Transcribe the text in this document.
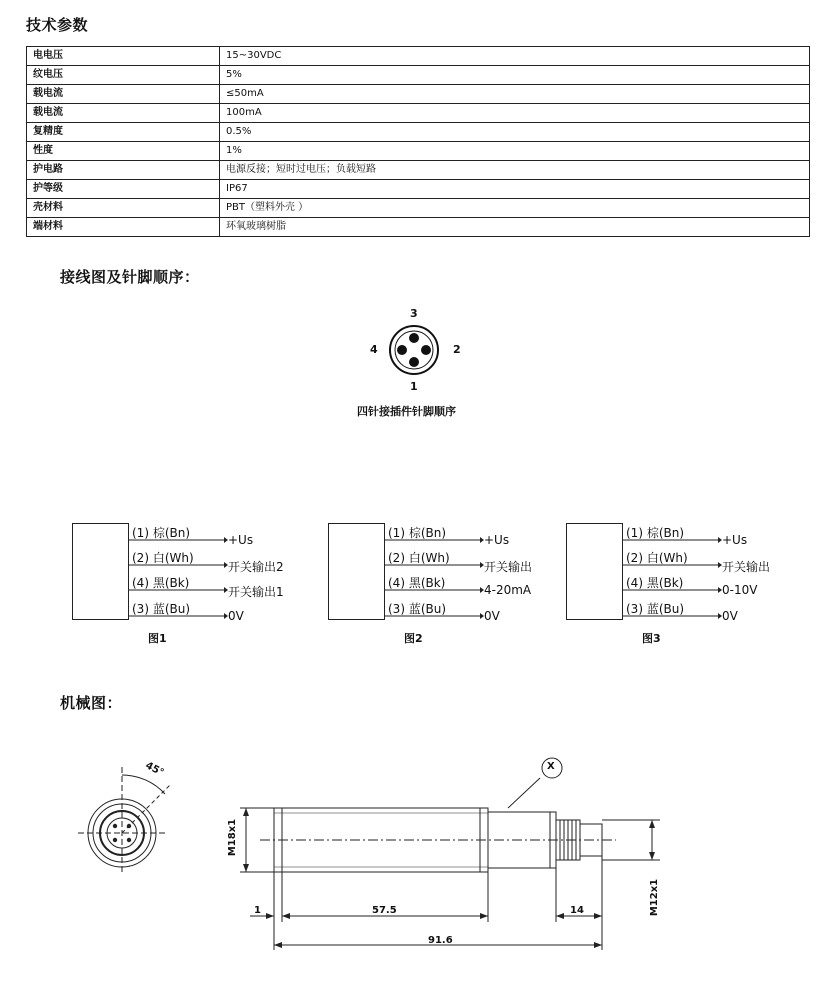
技术参数
电电压	15~30VDC
纹电压	5%
载电流	≤50mA
载电流	100mA
复精度	0.5%
性度	1%
护电路	电源反接；短时过电压；负载短路
护等级	IP67
壳材料	PBT（塑料外壳 ）
端材料	环氧玻璃树脂
接线图及针脚顺序：
3
2
1
4
四针接插件针脚顺序
(1) 棕(Bn)
(2) 白(Wh)
(4) 黑(Bk)
(3) 蓝(Bu)
+Us
开关输出2
开关输出1
0V
图1
(1) 棕(Bn)
(2) 白(Wh)
(4) 黑(Bk)
(3) 蓝(Bu)
+Us
开关输出
4-20mA
0V
图2
(1) 棕(Bn)
(2) 白(Wh)
(4) 黑(Bk)
(3) 蓝(Bu)
+Us
开关输出
0-10V
0V
图3
机械图：
45°	X
M18x1
M12x1
1	57.5	14
91.6
